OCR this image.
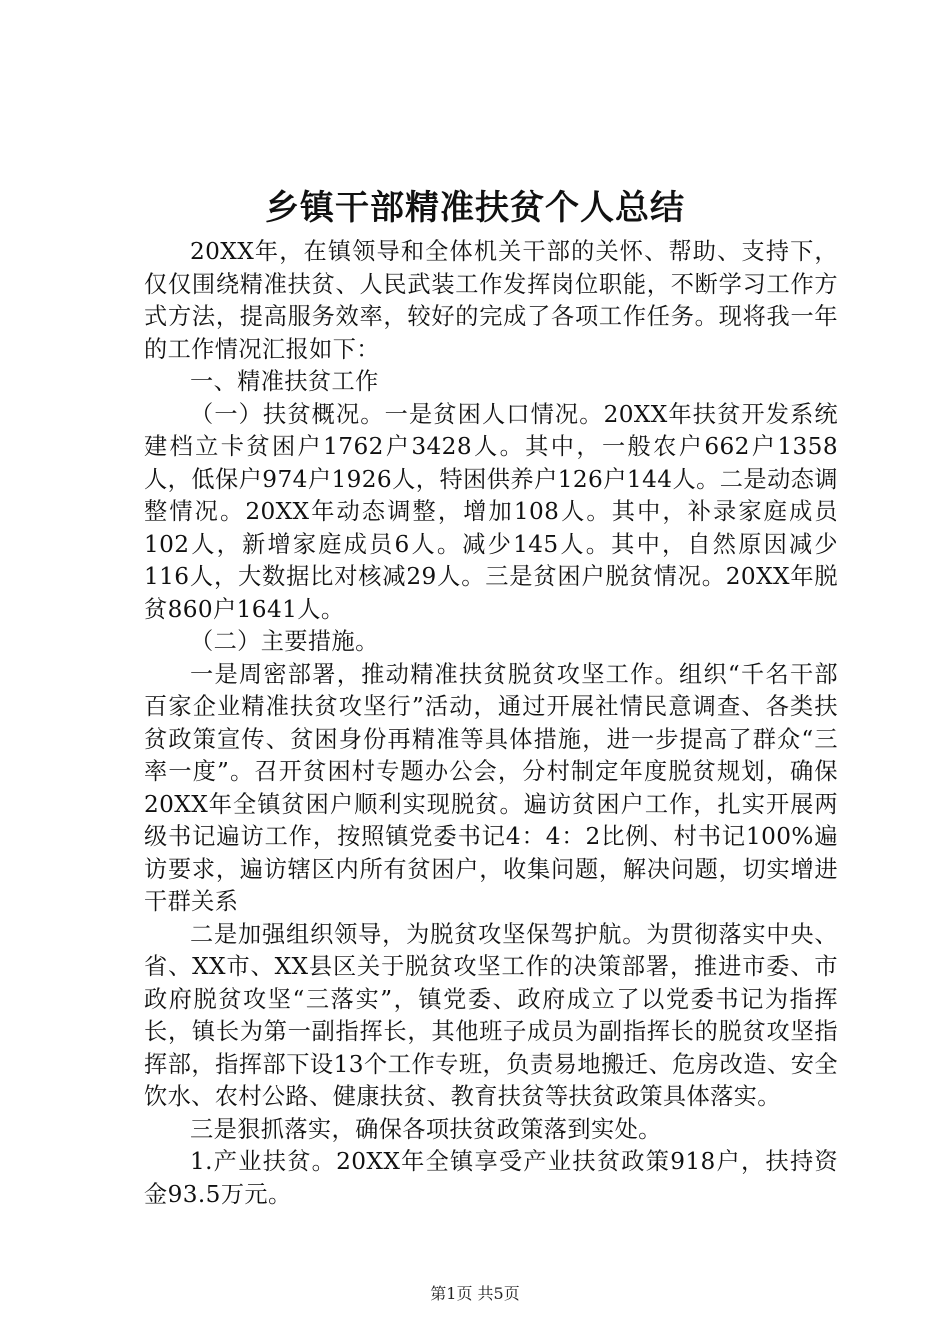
乡镇干部精准扶贫个人总结

20XX年，在镇领导和全体机关干部的关怀、帮助、支持下，仅仅围绕精准扶贫、人民武装工作发挥岗位职能，不断学习工作方式方法，提高服务效率，较好的完成了各项工作任务。现将我一年的工作情况汇报如下：

一、精准扶贫工作

（一）扶贫概况。一是贫困人口情况。20XX年扶贫开发系统建档立卡贫困户1762户3428人。其中，一般农户662户1358人，低保户974户1926人，特困供养户126户144人。二是动态调整情况。20XX年动态调整，增加108人。其中，补录家庭成员102人，新增家庭成员6人。减少145人。其中，自然原因减少116人，大数据比对核减29人。三是贫困户脱贫情况。20XX年脱贫860户1641人。

（二）主要措施。

一是周密部署，推动精准扶贫脱贫攻坚工作。组织“千名干部百家企业精准扶贫攻坚行”活动，通过开展社情民意调查、各类扶贫政策宣传、贫困身份再精准等具体措施，进一步提高了群众“三率一度”。召开贫困村专题办公会，分村制定年度脱贫规划，确保20XX年全镇贫困户顺利实现脱贫。遍访贫困户工作，扎实开展两级书记遍访工作，按照镇党委书记4：4：2比例、村书记100%遍访要求，遍访辖区内所有贫困户，收集问题，解决问题，切实增进干群关系

二是加强组织领导，为脱贫攻坚保驾护航。为贯彻落实中央、省、XX市、XX县区关于脱贫攻坚工作的决策部署，推进市委、市政府脱贫攻坚“三落实”，镇党委、政府成立了以党委书记为指挥长，镇长为第一副指挥长，其他班子成员为副指挥长的脱贫攻坚指挥部，指挥部下设13个工作专班，负责易地搬迁、危房改造、安全饮水、农村公路、健康扶贫、教育扶贫等扶贫政策具体落实。

三是狠抓落实，确保各项扶贫政策落到实处。

1.产业扶贫。20XX年全镇享受产业扶贫政策918户，扶持资金93.5万元。

第1页 共5页
